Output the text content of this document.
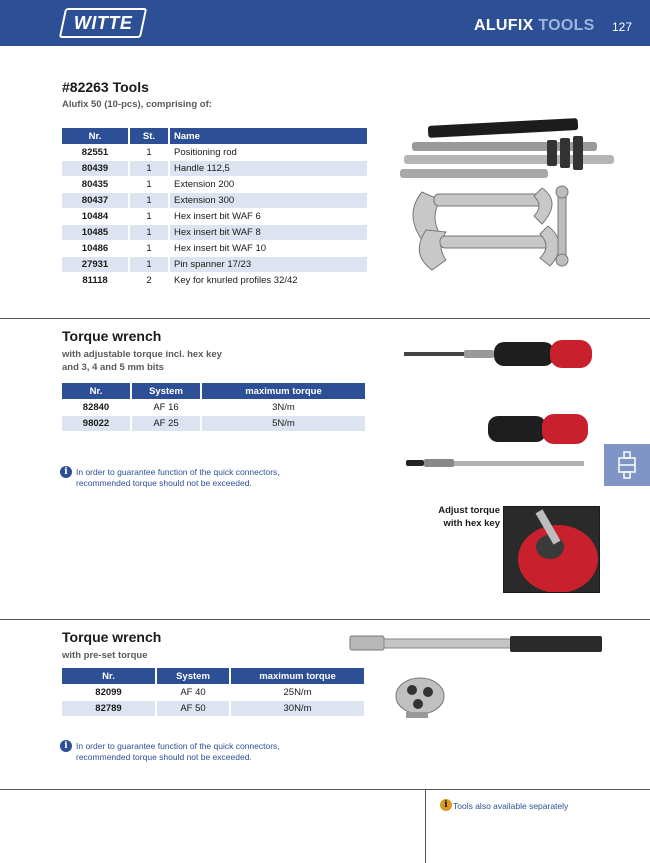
WITTE	ALUFIX TOOLS 127
#82263 Tools
Alufix 50 (10-pcs), comprising of:
Nr.	St.	Name
82551	1	Positioning rod
80439	1	Handle 112,5
80435	1	Extension 200
80437	1	Extension 300
10484	1	Hex insert bit WAF 6
10485	1	Hex insert bit WAF 8
10486	1	Hex insert bit WAF 10
27931	1	Pin spanner 17/23
81118	2	Key for knurled profiles 32/42
Torque wrench
with adjustable torque incl. hex key
and 3, 4 and 5 mm bits
Nr.	System	maximum torque
82840	AF 16	3N/m
98022	AF 25	5N/m
i In order to guarantee function of the quick connectors,
recommended torque should not be exceeded.
Adjust torque
with hex key
Torque wrench
with pre-set torque
Nr.	System	maximum torque
82099	AF 40	25N/m
82789	AF 50	30N/m
i In order to guarantee function of the quick connectors,
recommended torque should not be exceeded.
i Tools also available separately
